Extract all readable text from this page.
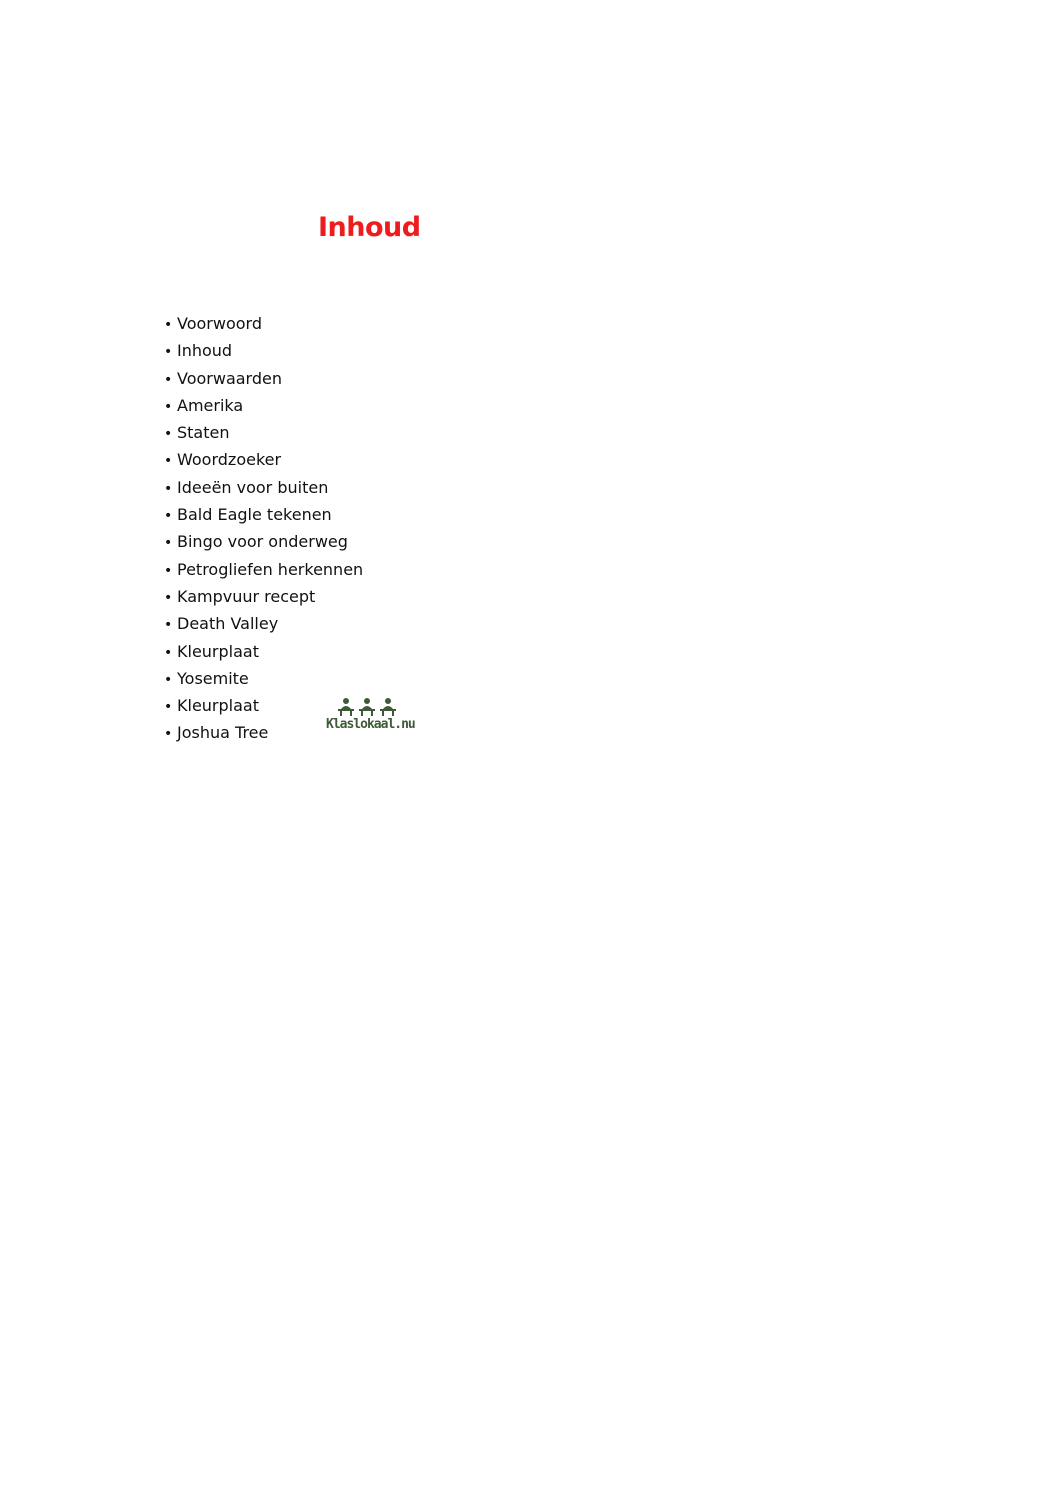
Inhoud
• Voorwoord
• Inhoud
• Voorwaarden
• Amerika
• Staten
• Woordzoeker
• Ideeën voor buiten
• Bald Eagle tekenen
• Bingo voor onderweg
• Petrogliefen herkennen
• Kampvuur recept
• Death Valley
• Kleurplaat
• Yosemite
• Kleurplaat
• Joshua Tree	Klaslokaal.nu
